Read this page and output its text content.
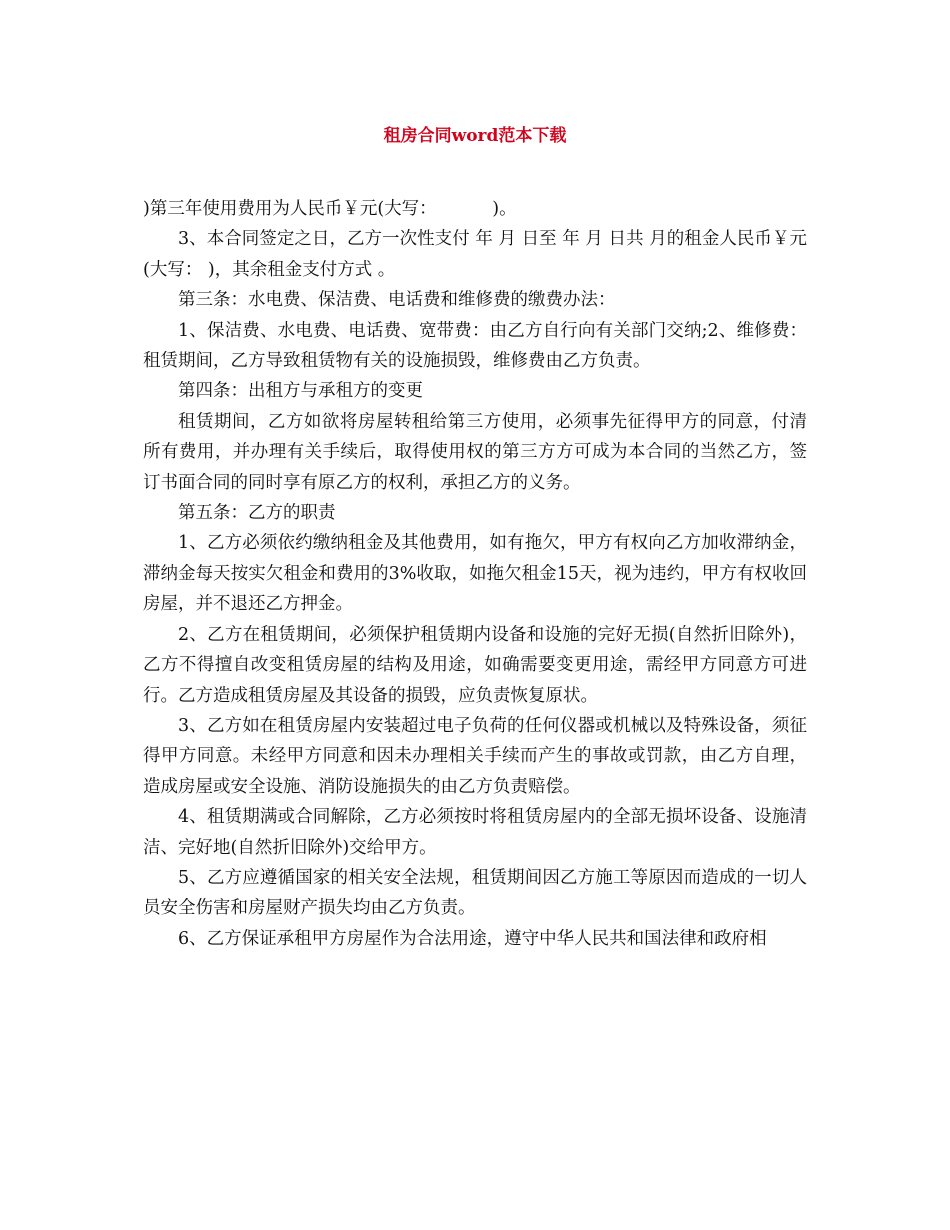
租房合同word范本下载

)第三年使用费用为人民币￥元(大写：          )。

3、本合同签定之日，乙方一次性支付 年 月 日至 年 月 日共 月的租金人民币￥元(大写： )，其余租金支付方式 。

第三条：水电费、保洁费、电话费和维修费的缴费办法：

1、保洁费、水电费、电话费、宽带费：由乙方自行向有关部门交纳;2、维修费：租赁期间，乙方导致租赁物有关的设施损毁，维修费由乙方负责。

第四条：出租方与承租方的变更

租赁期间，乙方如欲将房屋转租给第三方使用，必须事先征得甲方的同意，付清所有费用，并办理有关手续后，取得使用权的第三方方可成为本合同的当然乙方，签订书面合同的同时享有原乙方的权利，承担乙方的义务。

第五条：乙方的职责

1、乙方必须依约缴纳租金及其他费用，如有拖欠，甲方有权向乙方加收滞纳金，滞纳金每天按实欠租金和费用的3%收取，如拖欠租金15天，视为违约，甲方有权收回房屋，并不退还乙方押金。

2、乙方在租赁期间，必须保护租赁期内设备和设施的完好无损(自然折旧除外)，乙方不得擅自改变租赁房屋的结构及用途，如确需要变更用途，需经甲方同意方可进行。乙方造成租赁房屋及其设备的损毁，应负责恢复原状。

3、乙方如在租赁房屋内安装超过电子负荷的任何仪器或机械以及特殊设备，须征得甲方同意。未经甲方同意和因未办理相关手续而产生的事故或罚款，由乙方自理，造成房屋或安全设施、消防设施损失的由乙方负责赔偿。

4、租赁期满或合同解除，乙方必须按时将租赁房屋内的全部无损坏设备、设施清洁、完好地(自然折旧除外)交给甲方。

5、乙方应遵循国家的相关安全法规，租赁期间因乙方施工等原因而造成的一切人员安全伤害和房屋财产损失均由乙方负责。

6、乙方保证承租甲方房屋作为合法用途，遵守中华人民共和国法律和政府相
